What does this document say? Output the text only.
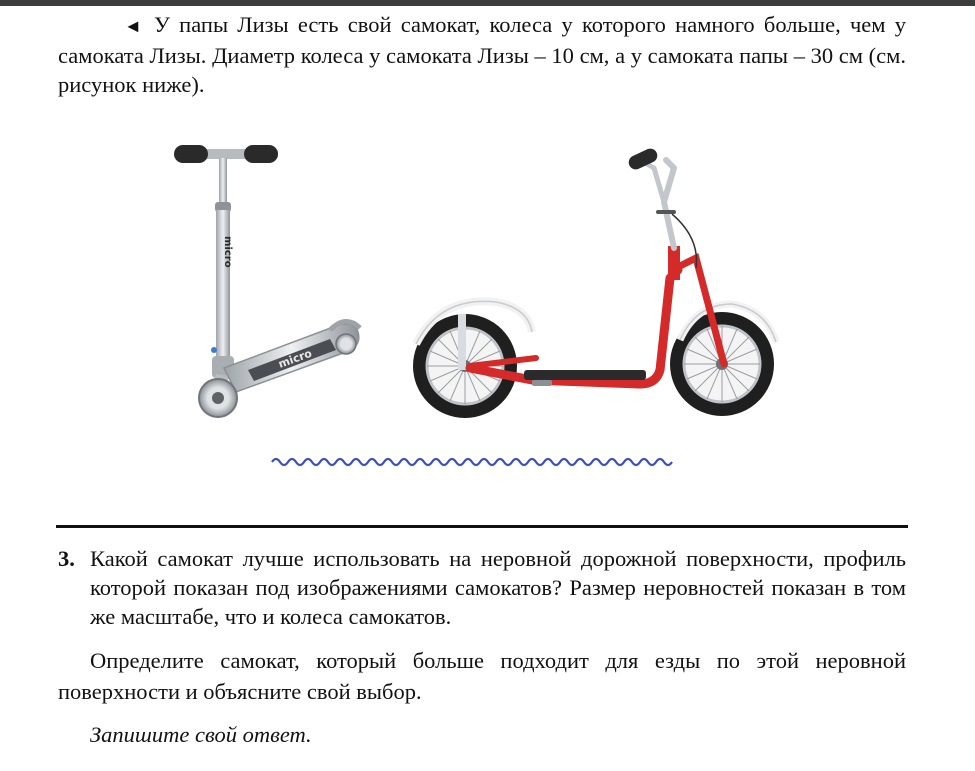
◄ У папы Лизы есть свой самокат, колеса у которого намного больше, чем у самоката Лизы. Диаметр колеса у самоката Лизы – 10 см, а у самоката папы – 30 см (см. рисунок ниже).

micro
micro
3. Какой самокат лучше использовать на неровной дорожной поверхности, профиль которой показан под изображениями самокатов? Размер неровностей показан в том же масштабе, что и колеса самокатов.
Определите самокат, который больше подходит для езды по этой неровной поверхности и объясните свой выбор.
Запишите свой ответ.
